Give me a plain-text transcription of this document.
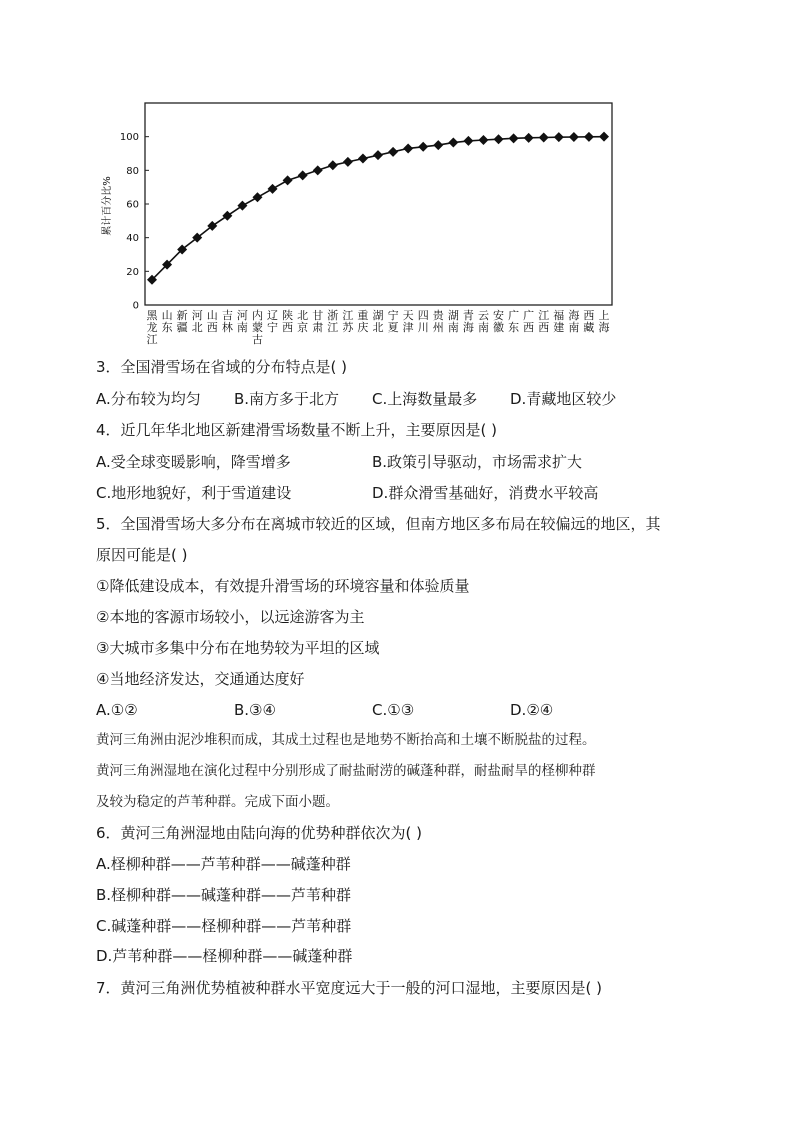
0
20
40
60
80
100
累计百分比%
黑龙江
山东
新疆
河北
山西
吉林
河南
内蒙古
辽宁
陕西
北京
甘肃
浙江
江苏
重庆
湖北
宁夏
天津
四川
贵州
湖南
青海
云南
安徽
广东
广西
江西
福建
海南
西藏
上海
3．全国滑雪场在省域的分布特点是( )
A.分布较为均匀 B.南方多于北方 C.上海数量最多 D.青藏地区较少
4．近几年华北地区新建滑雪场数量不断上升，主要原因是( )
A.受全球变暖影响，降雪增多	B.政策引导驱动，市场需求扩大
C.地形地貌好，利于雪道建设	D.群众滑雪基础好，消费水平较高
5．全国滑雪场大多分布在离城市较近的区域，但南方地区多布局在较偏远的地区，其
原因可能是( )
①降低建设成本，有效提升滑雪场的环境容量和体验质量
②本地的客源市场较小，以远途游客为主
③大城市多集中分布在地势较为平坦的区域
④当地经济发达，交通通达度好
A.①②	B.③④	C.①③	D.②④
黄河三角洲由泥沙堆积而成，其成土过程也是地势不断抬高和土壤不断脱盐的过程。
黄河三角洲湿地在演化过程中分别形成了耐盐耐涝的碱蓬种群，耐盐耐旱的柽柳种群
及较为稳定的芦苇种群。完成下面小题。
6．黄河三角洲湿地由陆向海的优势种群依次为( )
A.柽柳种群——芦苇种群——碱蓬种群
B.柽柳种群——碱蓬种群——芦苇种群
C.碱蓬种群——柽柳种群——芦苇种群
D.芦苇种群——柽柳种群——碱蓬种群
7．黄河三角洲优势植被种群水平宽度远大于一般的河口湿地，主要原因是( )
